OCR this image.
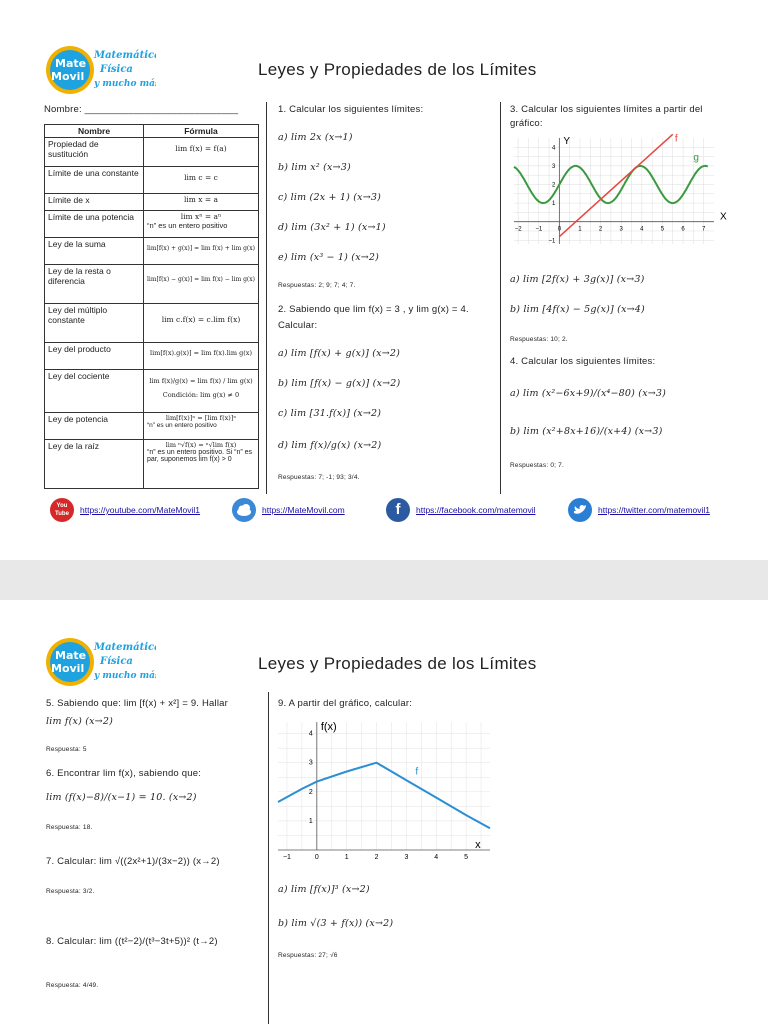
Mate
Movil
Matemática
Física
y mucho más
Leyes y Propiedades de los Límites
Nombre: ____________________________
Nombre	Fórmula
Propiedad de sustitución	lim f(x) = f(a)

Límite de una constante	lim c = c

Límite de x	lim x = a
Límite de una potencia	lim xⁿ = aⁿ
“n” es un entero positivo

Ley de la suma	lim[f(x) + g(x)] = lim f(x) + lim g(x)

Ley de la resta o diferencia	lim[f(x) − g(x)] = lim f(x) − lim g(x)

Ley del múltiplo constante	lim c.f(x) = c.lim f(x)

Ley del producto	lim[f(x).g(x)] = lim f(x).lim g(x)

Ley del cociente	lim f(x)/g(x) = lim f(x) / lim g(x)
Condición: lim g(x) ≠ 0

Ley de potencia	lim[f(x)]ⁿ = [lim f(x)]ⁿ
“n” es un entero positivo

Ley de la raíz	lim ⁿ√f(x) = ⁿ√lim f(x)
“n” es un entero positivo. Si “n” es par, suponemos lim f(x) > 0
1. Calcular los siguientes límites:
a) lim 2x (x→1)
b) lim x² (x→3)
c) lim (2x + 1) (x→3)
d) lim (3x² + 1) (x→1)
e) lim (x³ − 1) (x→2)
Respuestas: 2; 9; 7; 4; 7.
2. Sabiendo que lim f(x) = 3 , y lim g(x) = 4.
Calcular:
a) lim [f(x) + g(x)] (x→2)
b) lim [f(x) − g(x)] (x→2)
c) lim [31.f(x)] (x→2)
d) lim f(x)/g(x) (x→2)
Respuestas: 7; -1; 93; 3/4.
3. Calcular los siguientes límites a partir del
gráfico:
−2 −1	0	1	2	3	4	5	6	7
4
3
2
1
−1
X
Y	f
g
a) lim [2f(x) + 3g(x)] (x→3)
b) lim [4f(x) − 5g(x)] (x→4)
Respuestas: 10; 2.
4. Calcular los siguientes límites:
a) lim (x²−6x+9)/(x⁴−80) (x→3)
b) lim (x²+8x+16)/(x+4) (x→3)
Respuestas: 0; 7.
You Tube	https://youtube.com/MateMovil1	https://MateMovil.com	f	https://facebook.com/matemovil	https://twitter.com/matemovil1
Mate
Movil
Matemática
Física
y mucho más
Leyes y Propiedades de los Límites
5. Sabiendo que: lim [f(x) + x²] = 9. Hallar
lim f(x) (x→2)
Respuesta: 5
6. Encontrar lim f(x), sabiendo que:
lim (f(x)−8)/(x−1) = 10. (x→2)
Respuesta: 18.
7. Calcular: lim √((2x²+1)/(3x−2)) (x→2)
Respuesta: 3/2.
8. Calcular: lim ((t²−2)/(t³−3t+5))² (t→2)
Respuesta: 4/49.
9. A partir del gráfico, calcular:
−1	0	1	2	3	4	5
4
3
2
1
f(x)
x
f
a) lim [f(x)]³ (x→2)
b) lim √(3 + f(x)) (x→2)
Respuestas: 27; √6
